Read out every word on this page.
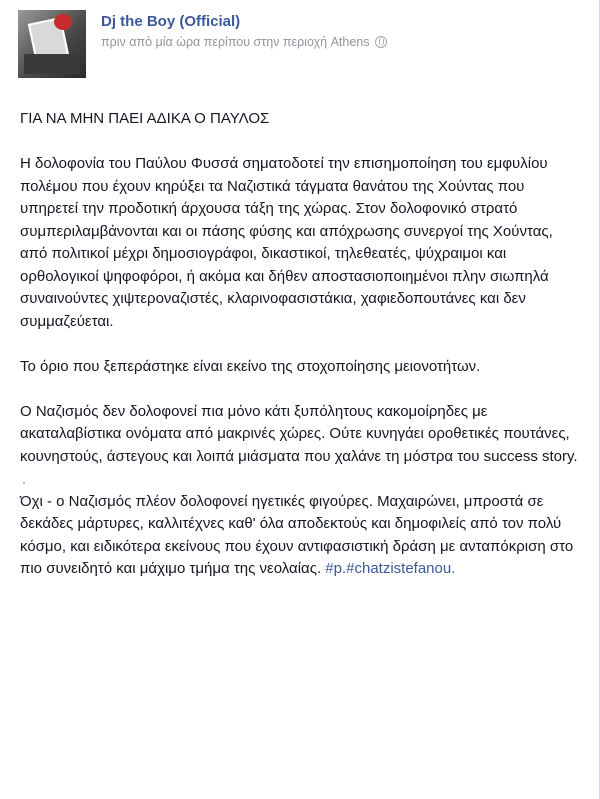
Dj the Boy (Official)
πριν από μία ώρα περίπου στην περιοχή Athens

ΓΙΑ ΝΑ ΜΗΝ ΠΑΕΙ ΑΔΙΚΑ Ο ΠΑΥΛΟΣ

Η δολοφονία του Παύλου Φυσσά σηματοδοτεί την επισημοποίηση του εμφυλίου πολέμου που έχουν κηρύξει τα Ναζιστικά τάγματα θανάτου της Χούντας που υπηρετεί την προδοτική άρχουσα τάξη της χώρας. Στον δολοφονικό στρατό συμπεριλαμβάνονται και οι πάσης φύσης και απόχρωσης συνεργοί της Χούντας, από πολιτικοί μέχρι δημοσιογράφοι, δικαστικοί, τηλεθεατές, ψύχραιμοι και ορθολογικοί ψηφοφόροι, ή ακόμα και δήθεν αποστασιοποιημένοι πλην σιωπηλά συναινούντες χιψτεροναζιστές, κλαρινοφασιστάκια, χαφιεδοπουτάνες και δεν συμμαζεύεται.

Το όριο που ξεπεράστηκε είναι εκείνο της στοχοποίησης μειονοτήτων.

Ο Ναζισμός δεν δολοφονεί πια μόνο κάτι ξυπόλητους κακομοίρηδες με ακαταλαβίστικα ονόματα από μακρινές χώρες. Ούτε κυνηγάει οροθετικές πουτάνες, κουνηστούς, άστεγους και λοιπά μιάσματα που χαλάνε τη μόστρα του success story.

·

Όχι - ο Ναζισμός πλέον δολοφονεί ηγετικές φιγούρες. Μαχαιρώνει, μπροστά σε δεκάδες μάρτυρες, καλλιτέχνες καθ' όλα αποδεκτούς και δημοφιλείς από τον πολύ κόσμο, και ειδικότερα εκείνους που έχουν αντιφασιστική δράση με ανταπόκριση στο πιο συνειδητό και μάχιμο τμήμα της νεολαίας. #p.#chatzistefanou.
